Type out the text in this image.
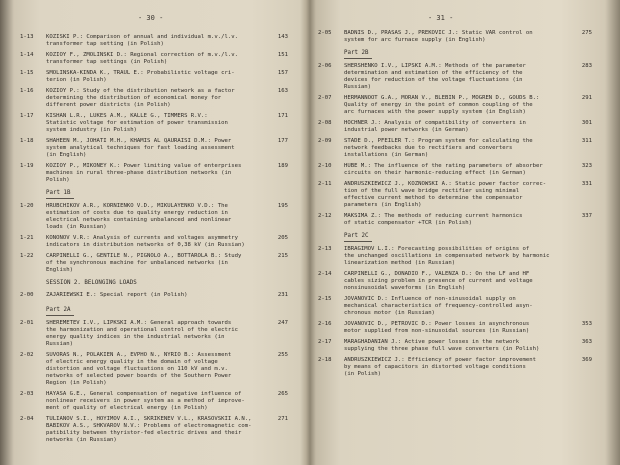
- 30 -
1-13	KOZISKI P.: Comparison of annual and individual m.v./l.v.
transformer tap setting (in Polish)
143
1-14	KOZIOY F., ZMOLINSKI D.: Regional correction of m.v./l.v.
transformer tap settings (in Polish)
151
1-15	SMOLINSKA-KINDA K., TRAUL E.: Probabilistic voltage cri-
terion (in Polish)
157
1-16	KOZIOY P.: Study of the distribution network as a factor
determining the distribution of economical money for
different power districts (in Polish)
163
1-17	KISHAN L.R., LUKES A.M., KALLE G., TIMMERS R.V.:
Statistic voltage for estimation of power transmission
system industry (in Polish)
171
1-18	SHAHEEN M., JOHATI M.H., KHAMIS AL QAURAISI D.M.: Power
system analytical techniques for fast loading assessment
(in English)
177
1-19	KOZIOY P., MIKONEY K.: Power limiting value of enterprises
machines in rural three-phase distribution networks (in
Polish)
189
Part 1B
1-20	HRUBCHIKOV A.R., KORNIENKO V.D., MIKULAYENKO V.D.: The
estimation of costs due to quality energy reduction in
electrical networks containing unbalanced and nonlinear
loads (in Russian)
195
1-21	KONONOV V.R.: Analysis of currents and voltages asymmetry
indicators in distribution networks of 0,38 kV (in Russian)
205
1-22	CARPINELLI G., GENTILE N., PIGNOLO A., BOTTAROLA B.: Study
of the synchronous machine for unbalanced networks (in
English)
215
SESSION 2. BELONGING LOADS
2-00	ZAJARIEWSKI E.: Special report (in Polish)	231
Part 2A
2-01	SHEREMETEV I.V., LIPKSKI A.M.: General approach towards
the harmonization and operational control of the electric
energy quality indices in the industrial networks (in
Russian)
247
2-02	SUVORAS N., POLAKIEN A., EVPHO N., NYRIO B.: Assessment
of electric energy quality in the domain of voltage
distortion and voltage fluctuations on 110 kV and m.v.
networks of selected power boards of the Southern Power
Region (in Polish)
255
2-03	HAYASA G.E., General compensation of negative influence of
nonlinear receivers in power system as a method of improve-
ment of quality of electrical energy (in Polish)
265
2-04	TULIANOV S.I., HOYIMOV A.I., SKRIKENEV V.L., KRASOVSKII A.N.,
BABIKOV A.S., SHKVAROV N.V.: Problems of electromagnetic com-
patibility between thyristor-fed electric drives and their
networks (in Russian)
271
- 31 -
2-05	BADNIS D., PRASAS J., PREKOVIC J.: Static VAR control on
system for arc furnace supply (in English)
275
Part 2B
2-06	SHERSHENKO I.V., LIPSKI A.M.: Methods of the parameter
determination and estimation of the efficiency of the
devices for reduction of the voltage fluctuations (in
Russian)
283
2-07	HERMANNOOT G.A., MORAN V., BLEBIN P., MOGREN D., GOUDS B.:
Quality of energy in the point of common coupling of the
arc furnaces with the power supply system (in English)
291
2-08	HOCHNER J.: Analysis of compatibility of converters in
industrial power networks (in German)
301
2-09	STADE D., PFEILER T.: Program system for calculating the
network feedbacks due to rectifiers and converters
installations (in German)
311
2-10	HUBE M.: The influence of the rating parameters of absorber
circuits on their harmonic-reducing effect (in German)
323
2-11	ANDRUSZKIEWICZ J., KOZNOWSKI A.: Static power factor correc-
tion of the full wave bridge rectifier using minimal
effective current method to determine the compensator
parameters (in English)
331
2-12	MAKSIMA Z.: The methods of reducing current harmonics
of static compensator +TCR (in Polish)
337
Part 2C
2-13	IBRAGIMOV L.I.: Forecasting possibilities of origins of
the unchanged oscillations in compensated network by harmonic
linearization method (in Russian)
2-14	CARPINELLI G., DONADIO F., VALENZA D.: On the LF and HF
cables sizing problem in presence of current and voltage
nonsinusoidal waveforms (in English)
2-15	JOVANOVIC D.: Influence of non-sinusoidal supply on
mechanical characteristics of frequency-controlled asyn-
chronous motor (in Russian)
2-16	JOVANOVIC D., PETROVIC D.: Power losses in asynchronous
motor supplied from non-sinusoidal sources (in Russian)
353
2-17	MARAGHADANIAN J.: Active power losses in the network
supplying the three phase full wave converters (in Polish)
363
2-18	ANDRUSZKIEWICZ J.: Efficiency of power factor improvement
by means of capacitors in distorted voltage conditions
(in Polish)
369
